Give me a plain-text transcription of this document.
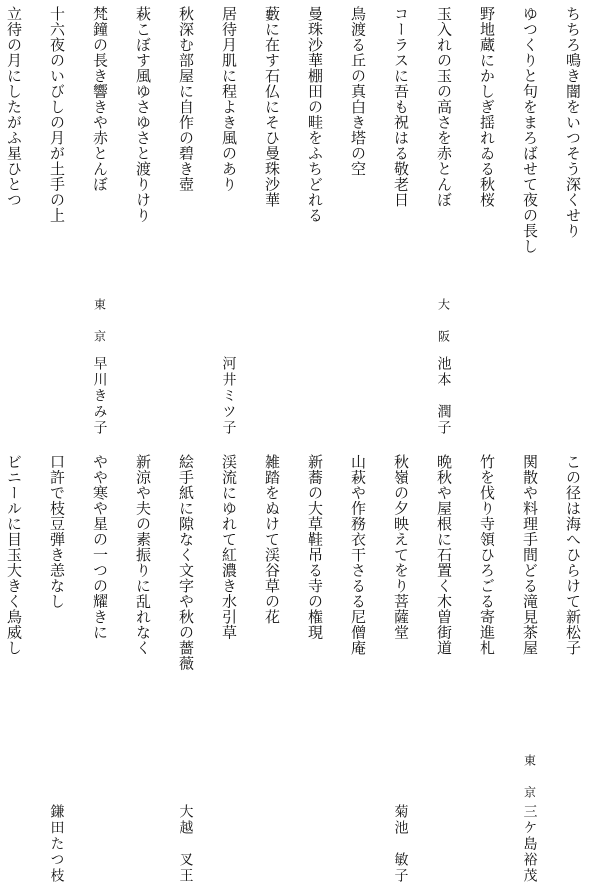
ちちろ鳴き闇をいつそう深くせり
ゆつくりと句をまろばせて夜の長し
野地蔵にかしぎ揺れゐる秋桜
玉入れの玉の高さを赤とんぼ
大阪
池本　潤子
コーラスに吾も祝はる敬老日
鳥渡る丘の真白き塔の空
曼珠沙華棚田の畦をふちどれる
藪に在す石仏にそひ曼珠沙華
居待月肌に程よき風のあり
河井ミツ子
秋深む部屋に自作の碧き壺
萩こぼす風ゆさゆさと渡りけり
梵鐘の長き響きや赤とんぼ
東京
早川きみ子
十六夜のいびしの月が土手の上
立待の月にしたがふ星ひとつ
この径は海へひらけて新松子
関散や料理手間どる滝見茶屋
東京
三ケ島裕茂
竹を伐り寺領ひろごる寄進札
晩秋や屋根に石置く木曽街道
秋嶺の夕映えてをり菩薩堂
菊池　敏子
山萩や作務衣干さるる尼僧庵
新蕎の大草鞋吊る寺の権現
雑踏をぬけて渓谷草の花
渓流にゆれて紅濃き水引草
絵手紙に隙なく文字や秋の薔薇
大越　叉王
新涼や夫の素振りに乱れなく
やや寒や星の一つの耀きに
口許で枝豆弾き恙なし
鎌田たつ枝
ビニールに目玉大きく鳥威し
